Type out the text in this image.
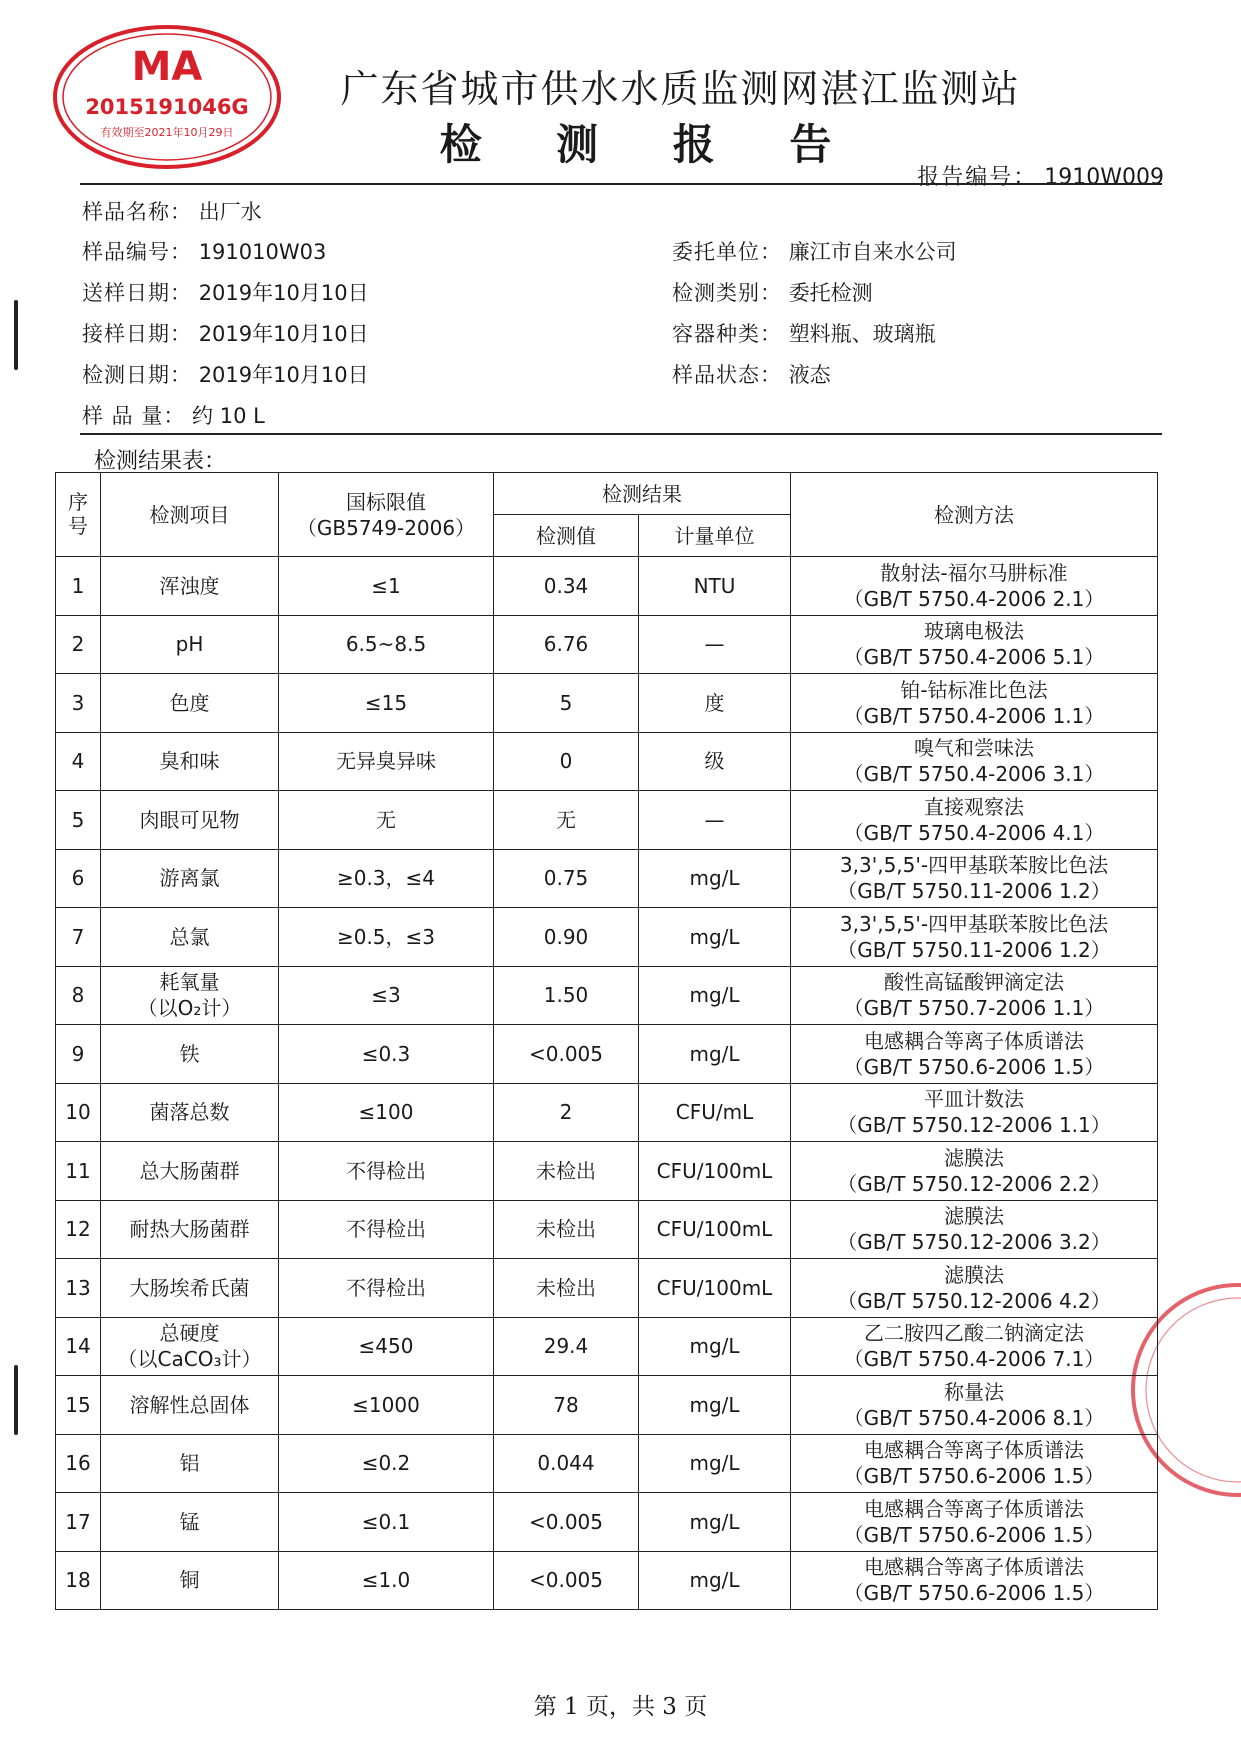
MA
2015191046G
有效期至2021年10月29日
广东省城市供水水质监测网湛江监测站
检 测 报 告
报告编号： 1910W009
样品名称： 出厂水
样品编号： 191010W03
送样日期： 2019年10月10日
接样日期： 2019年10月10日
检测日期： 2019年10月10日
样 品 量： 约 10 L
委托单位： 廉江市自来水公司
检测类别： 委托检测
容器种类： 塑料瓶、玻璃瓶
样品状态： 液态
检测结果表：
序号	检测项目	国标限值
（GB5749-2006）	检测结果		检测方法
			检测值	计量单位	
1	浑浊度	≤1	0.34	NTU	散射法-福尔马肼标准
（GB/T 5750.4-2006 2.1）

2	pH	6.5~8.5	6.76	—	玻璃电极法
（GB/T 5750.4-2006 5.1）

3	色度	≤15	5	度	铂-钴标准比色法
（GB/T 5750.4-2006 1.1）

4	臭和味	无异臭异味	0	级	嗅气和尝味法
（GB/T 5750.4-2006 3.1）

5	肉眼可见物	无	无	—	直接观察法
（GB/T 5750.4-2006 4.1）

6	游离氯	≥0.3，≤4	0.75	mg/L	3,3',5,5'-四甲基联苯胺比色法
（GB/T 5750.11-2006 1.2）

7	总氯	≥0.5，≤3	0.90	mg/L	3,3',5,5'-四甲基联苯胺比色法
（GB/T 5750.11-2006 1.2）

8	耗氧量
（以O₂计）	≤3	1.50	mg/L	酸性高锰酸钾滴定法
（GB/T 5750.7-2006 1.1）

9	铁	≤0.3	<0.005	mg/L	电感耦合等离子体质谱法
（GB/T 5750.6-2006 1.5）

10	菌落总数	≤100	2	CFU/mL	平皿计数法
（GB/T 5750.12-2006 1.1）

11	总大肠菌群	不得检出	未检出	CFU/100mL	滤膜法
（GB/T 5750.12-2006 2.2）

12	耐热大肠菌群	不得检出	未检出	CFU/100mL	滤膜法
（GB/T 5750.12-2006 3.2）

13	大肠埃希氏菌	不得检出	未检出	CFU/100mL	滤膜法
（GB/T 5750.12-2006 4.2）

14	总硬度
（以CaCO₃计）	≤450	29.4	mg/L	乙二胺四乙酸二钠滴定法
（GB/T 5750.4-2006 7.1）

15	溶解性总固体	≤1000	78	mg/L	称量法
（GB/T 5750.4-2006 8.1）

16	铝	≤0.2	0.044	mg/L	电感耦合等离子体质谱法
（GB/T 5750.6-2006 1.5）

17	锰	≤0.1	<0.005	mg/L	电感耦合等离子体质谱法
（GB/T 5750.6-2006 1.5）

18	铜	≤1.0	<0.005	mg/L	电感耦合等离子体质谱法
（GB/T 5750.6-2006 1.5）
第 1 页，共 3 页
